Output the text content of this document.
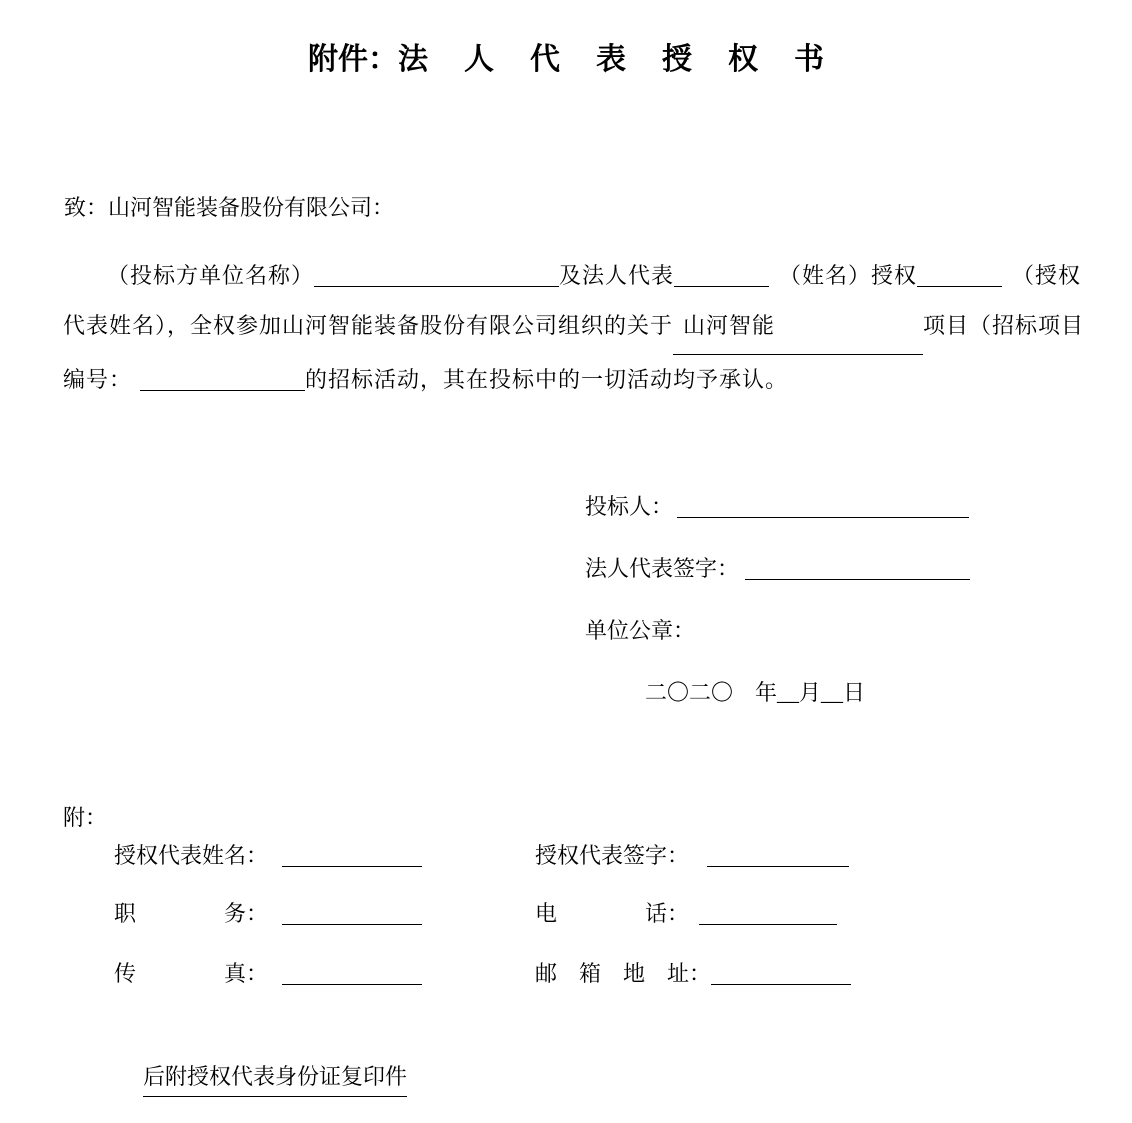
附件：法人代表授权书
致：山河智能装备股份有限公司：
（投标方单位名称）	及法人代表	（姓名）授权	（授权
代表姓名），全权参加山河智能装备股份有限公司组织的关于 山河智能	项目（招标项目
编号：	的招标活动，其在投标中的一切活动均予承认。
投标人：
法人代表签字：
单位公章：
二〇二〇　年__月__日
附：
授权代表姓名：	授权代表签字：
职　　　　务：	电　　　　话：
传　　　　真：	邮　箱　地　址：
后附授权代表身份证复印件
